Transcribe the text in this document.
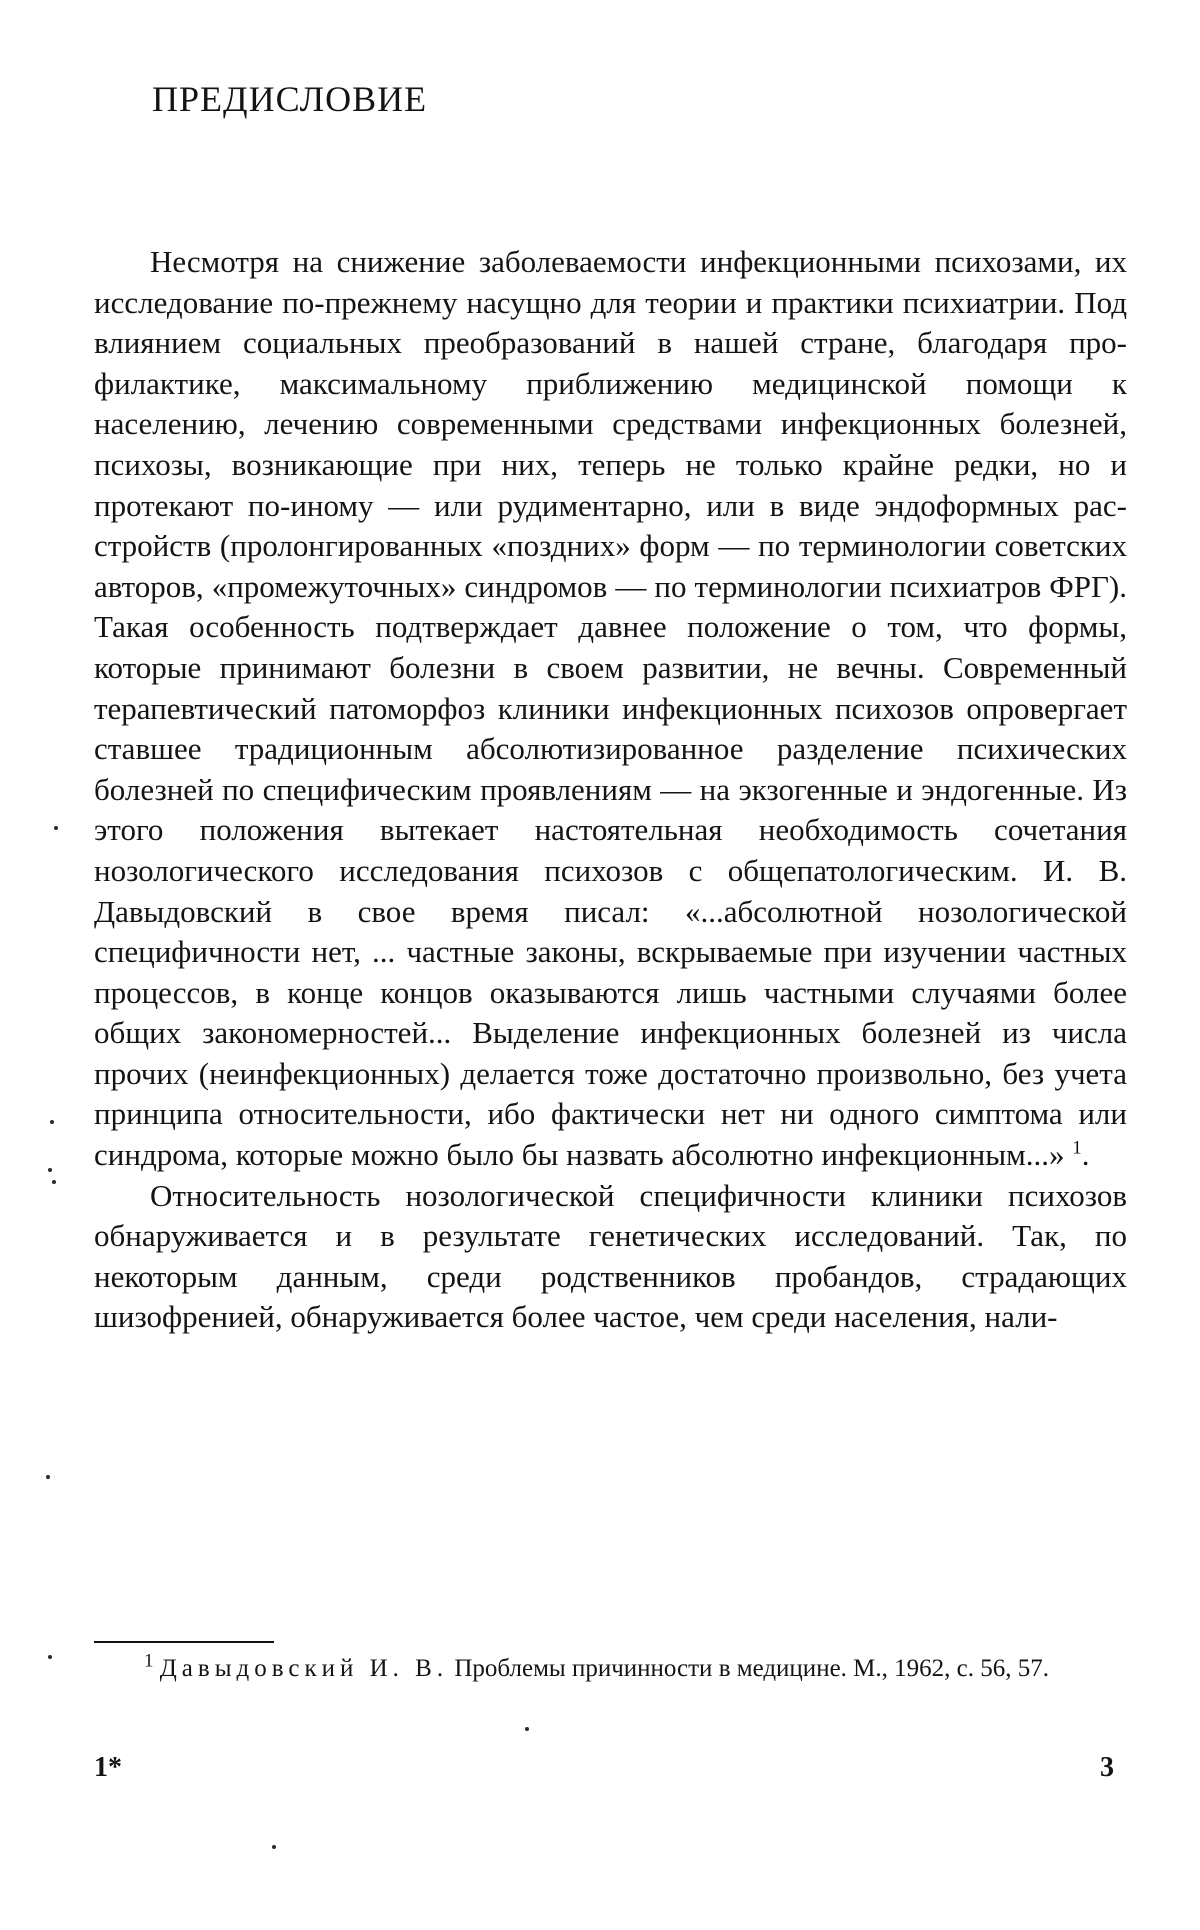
ПРЕДИСЛОВИЕ

Несмотря на снижение заболеваемости инфекционными психозами, их исследование по-прежнему насущно для теории и практики психиатрии. Под влиянием социальных преобразований в нашей стране, благодаря профилактике, максимальному приближению медицинской помощи к населению, лечению современными средствами инфекционных болезней, психозы, возникающие при них, теперь не только крайне редки, но и протекают по-иному — или рудиментарно, или в виде эндоформных расстройств (пролонгированных «поздних» форм — по терминологии советских авторов, «промежуточных» синдромов — по терминологии психиатров ФРГ). Такая особенность подтверждает давнее положение о том, что формы, которые принимают болезни в своем развитии, не вечны. Современный терапевтический патоморфоз клиники инфекционных психозов опровергает ставшее традиционным абсолютизированное разделение психических болезней по специфическим проявлениям — на экзогенные и эндогенные. Из этого положения вытекает настоятельная необходимость сочетания нозологического исследования психозов с общепатологическим. И. В. Давыдовский в свое время писал: «...абсолютной нозологической специфичности нет, ... частные законы, вскрываемые при изучении частных процессов, в конце концов оказываются лишь частными случаями более общих закономерностей... Выделение инфекционных болезней из числа прочих (неинфекционных) делается тоже достаточно произвольно, без учета принципа относительности, ибо фактически нет ни одного симптома или синдрома, которые можно было бы назвать абсолютно инфекционным...» $^1$.

Относительность нозологической специфичности клиники психозов обнаруживается и в результате генетических исследований. Так, по некоторым данным, среди родственников пробандов, страдающих шизофренией, обнаруживается более частое, чем среди населения, нали-

$^1$ Давыдовский И. В. Проблемы причинности в медицине. М., 1962, с. 56, 57.

1*	3
